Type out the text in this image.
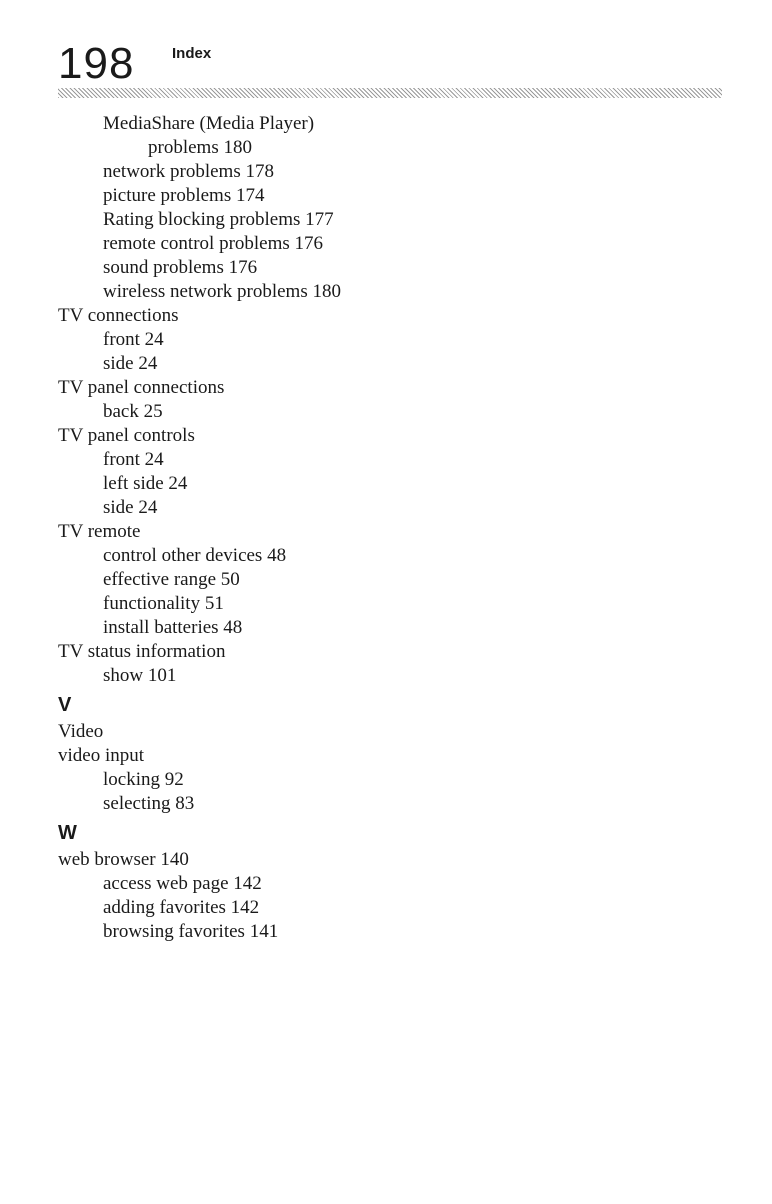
198	Index
MediaShare (Media Player)
problems 180
network problems 178
picture problems 174
Rating blocking problems 177
remote control problems 176
sound problems 176
wireless network problems 180
TV connections
front 24
side 24
TV panel connections
back 25
TV panel controls
front 24
left side 24
side 24
TV remote
control other devices 48
effective range 50
functionality 51
install batteries 48
TV status information
show 101
V
Video
video input
locking 92
selecting 83
W
web browser 140
access web page 142
adding favorites 142
browsing favorites 141
